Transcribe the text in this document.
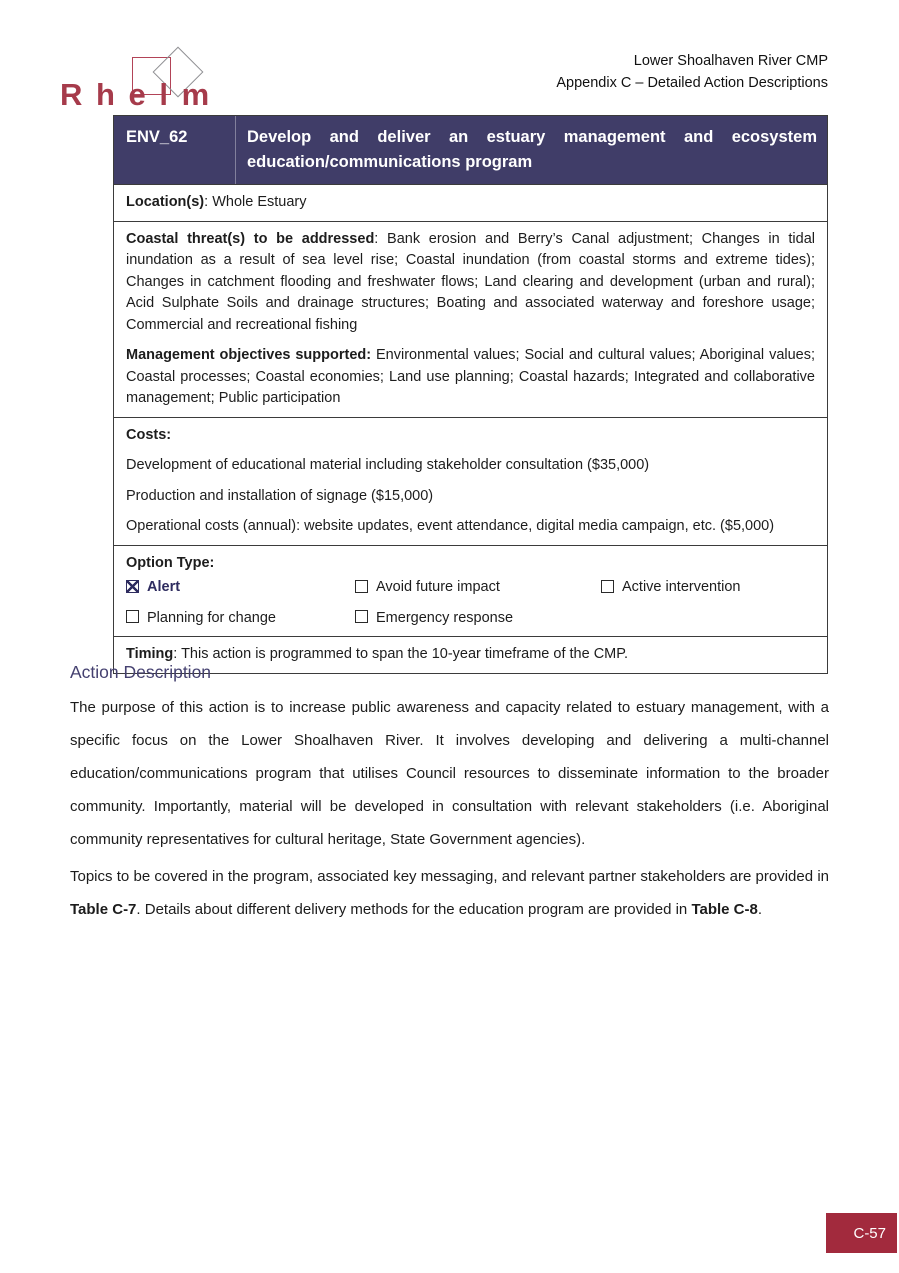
R h e l m
Lower Shoalhaven River CMP
Appendix C – Detailed Action Descriptions
ENV_62	Develop and deliver an estuary management and ecosystem education/communications program

Location(s): Whole Estuary

Coastal threat(s) to be addressed: Bank erosion and Berry’s Canal adjustment; Changes in tidal inundation as a result of sea level rise; Coastal inundation (from coastal storms and extreme tides); Changes in catchment flooding and freshwater flows; Land clearing and development (urban and rural); Acid Sulphate Soils and drainage structures; Boating and associated waterway and foreshore usage; Commercial and recreational fishing

Management objectives supported: Environmental values; Social and cultural values; Aboriginal values; Coastal processes; Coastal economies; Land use planning; Coastal hazards; Integrated and collaborative management; Public participation

Costs:

Development of educational material including stakeholder consultation ($35,000)

Production and installation of signage ($15,000)

Operational costs (annual): website updates, event attendance, digital media campaign, etc. ($5,000)

Option Type:

Alert	Avoid future impact	Active intervention
Planning for change	Emergency response

Timing: This action is programmed to span the 10-year timeframe of the CMP.

Action Description

The purpose of this action is to increase public awareness and capacity related to estuary management, with a specific focus on the Lower Shoalhaven River. It involves developing and delivering a multi-channel education/communications program that utilises Council resources to disseminate information to the broader community. Importantly, material will be developed in consultation with relevant stakeholders (i.e. Aboriginal community representatives for cultural heritage, State Government agencies).

Topics to be covered in the program, associated key messaging, and relevant partner stakeholders are provided in Table C-7. Details about different delivery methods for the education program are provided in Table C-8.

C-57
